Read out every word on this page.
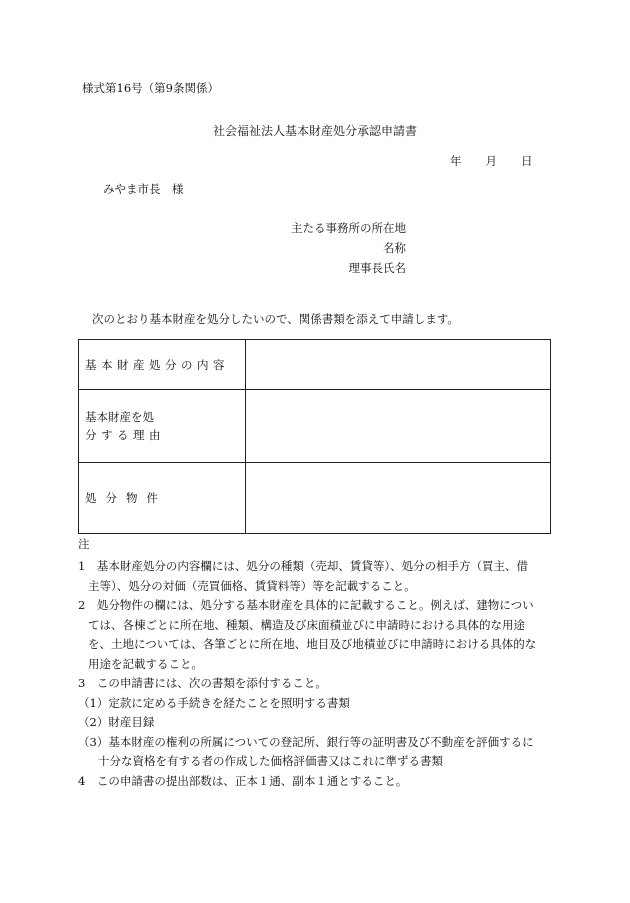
様式第16号（第9条関係）
社会福祉法人基本財産処分承認申請書
年 月 日
みやま市長　様
主たる事務所の所在地
名称
理事長氏名
次のとおり基本財産を処分したいので、関係書類を添えて申請します。
基本財産処分の内容	

基本財産を処
分する理由	

処分物件	
注
1　基本財産処分の内容欄には、処分の種類（売却、賃貸等）、処分の相手方（買主、借
主等）、処分の対価（売買価格、賃貸料等）等を記載すること。
2　処分物件の欄には、処分する基本財産を具体的に記載すること。例えば、建物につい
ては、各棟ごとに所在地、種類、構造及び床面積並びに申請時における具体的な用途
を、土地については、各筆ごとに所在地、地目及び地積並びに申請時における具体的な
用途を記載すること。
3　この申請書には、次の書類を添付すること。
（1）定款に定める手続きを経たことを照明する書類
（2）財産目録
（3）基本財産の権利の所属についての登記所、銀行等の証明書及び不動産を評価するに
十分な資格を有する者の作成した価格評価書又はこれに準ずる書類
4　この申請書の提出部数は、正本１通、副本１通とすること。
